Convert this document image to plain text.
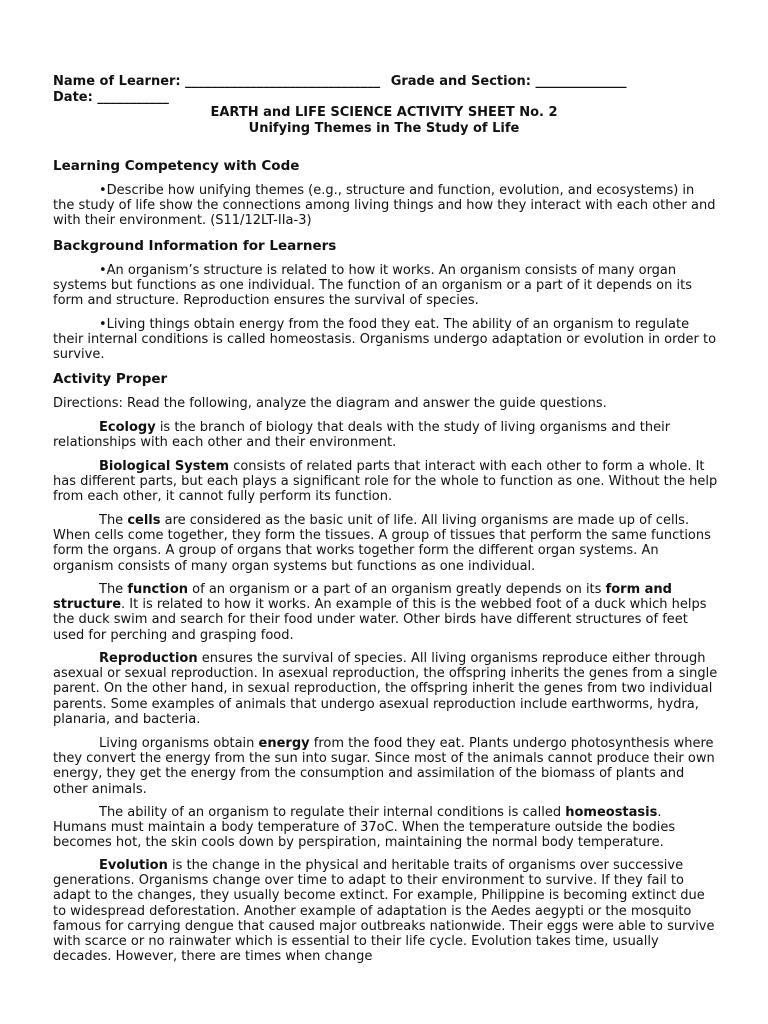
Name of Learner: ______________________________ Grade and Section: ______________
Date: ___________
EARTH and LIFE SCIENCE ACTIVITY SHEET No. 2
Unifying Themes in The Study of Life
Learning Competency with Code

•Describe how unifying themes (e.g., structure and function, evolution, and ecosystems) in the study of life show the connections among living things and how they interact with each other and with their environment. (S11/12LT-IIa-3)

Background Information for Learners

•An organism’s structure is related to how it works. An organism consists of many organ systems but functions as one individual. The function of an organism or a part of it depends on its form and structure. Reproduction ensures the survival of species.

•Living things obtain energy from the food they eat. The ability of an organism to regulate their internal conditions is called homeostasis. Organisms undergo adaptation or evolution in order to survive.

Activity Proper

Directions: Read the following, analyze the diagram and answer the guide questions.

Ecology is the branch of biology that deals with the study of living organisms and their relationships with each other and their environment.

Biological System consists of related parts that interact with each other to form a whole. It has different parts, but each plays a significant role for the whole to function as one. Without the help from each other, it cannot fully perform its function.

The cells are considered as the basic unit of life. All living organisms are made up of cells. When cells come together, they form the tissues. A group of tissues that perform the same functions form the organs. A group of organs that works together form the different organ systems. An organism consists of many organ systems but functions as one individual.

The function of an organism or a part of an organism greatly depends on its form and structure. It is related to how it works. An example of this is the webbed foot of a duck which helps the duck swim and search for their food under water. Other birds have different structures of feet used for perching and grasping food.

Reproduction ensures the survival of species. All living organisms reproduce either through asexual or sexual reproduction. In asexual reproduction, the offspring inherits the genes from a single parent. On the other hand, in sexual reproduction, the offspring inherit the genes from two individual parents. Some examples of animals that undergo asexual reproduction include earthworms, hydra, planaria, and bacteria.

Living organisms obtain energy from the food they eat. Plants undergo photosynthesis where they convert the energy from the sun into sugar. Since most of the animals cannot produce their own energy, they get the energy from the consumption and assimilation of the biomass of plants and other animals.

The ability of an organism to regulate their internal conditions is called homeostasis. Humans must maintain a body temperature of 37oC. When the temperature outside the bodies becomes hot, the skin cools down by perspiration, maintaining the normal body temperature.

Evolution is the change in the physical and heritable traits of organisms over successive generations. Organisms change over time to adapt to their environment to survive. If they fail to adapt to the changes, they usually become extinct. For example, Philippine is becoming extinct due to widespread deforestation. Another example of adaptation is the Aedes aegypti or the mosquito famous for carrying dengue that caused major outbreaks nationwide. Their eggs were able to survive with scarce or no rainwater which is essential to their life cycle. Evolution takes time, usually decades. However, there are times when change
